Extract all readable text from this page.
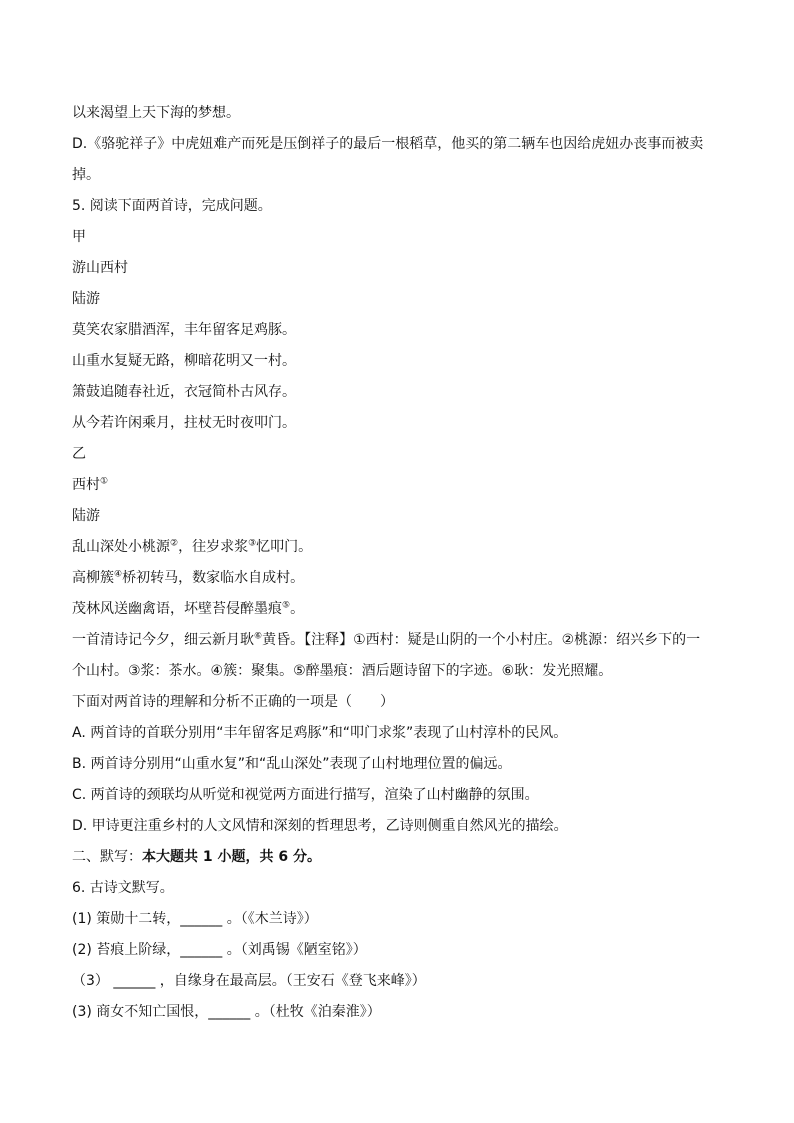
以来渴望上天下海的梦想。
D.《骆驼祥子》中虎妞难产而死是压倒祥子的最后一根稻草，他买的第二辆车也因给虎妞办丧事而被卖
掉。
5. 阅读下面两首诗，完成问题。
甲
游山西村
陆游
莫笑农家腊酒浑，丰年留客足鸡豚。
山重水复疑无路，柳暗花明又一村。
箫鼓追随春社近，衣冠简朴古风存。
从今若许闲乘月，拄杖无时夜叩门。
乙
西村①
陆游
乱山深处小桃源②，往岁求浆③忆叩门。
高柳簇④桥初转马，数家临水自成村。
茂林风送幽禽语，坏壁苔侵醉墨痕⑤。
一首清诗记今夕，细云新月耿⑥黄昏。【注释】①西村：疑是山阴的一个小村庄。②桃源：绍兴乡下的一
个山村。③浆：茶水。④簇：聚集。⑤醉墨痕：酒后题诗留下的字迹。⑥耿：发光照耀。
下面对两首诗的理解和分析不正确的一项是（　　）
A. 两首诗的首联分别用“丰年留客足鸡豚”和“叩门求浆”表现了山村淳朴的民风。
B. 两首诗分别用“山重水复”和“乱山深处”表现了山村地理位置的偏远。
C. 两首诗的颈联均从听觉和视觉两方面进行描写，渲染了山村幽静的氛围。
D. 甲诗更注重乡村的人文风情和深刻的哲理思考，乙诗则侧重自然风光的描绘。
二、默写：本大题共 1 小题，共 6 分。
6. 古诗文默写。
(1) 策勋十二转，______ 。（《木兰诗》）
(2) 苔痕上阶绿，______ 。（刘禹锡《陋室铭》）
（3） ______ ，自缘身在最高层。（王安石《登飞来峰》）
(3) 商女不知亡国恨，______ 。（杜牧《泊秦淮》）
